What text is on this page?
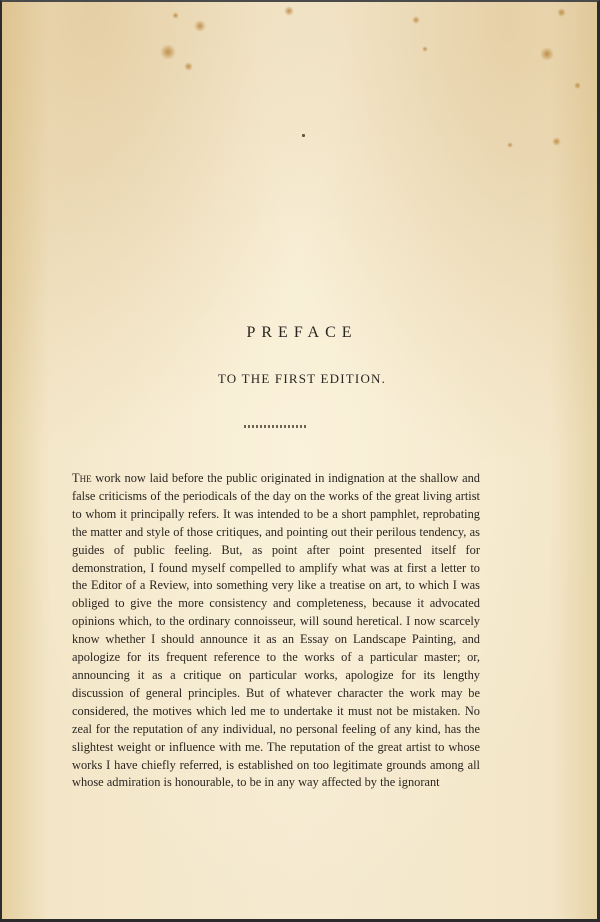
PREFACE
TO THE FIRST EDITION.

The work now laid before the public originated in indignation at the shallow and false criticisms of the periodicals of the day on the works of the great living artist to whom it principally refers. It was intended to be a short pamphlet, reprobating the matter and style of those critiques, and pointing out their perilous tendency, as guides of public feeling. But, as point after point presented itself for demonstration, I found myself compelled to amplify what was at first a letter to the Editor of a Review, into something very like a treatise on art, to which I was obliged to give the more consistency and completeness, because it advocated opinions which, to the ordinary connoisseur, will sound heretical. I now scarcely know whether I should announce it as an Essay on Landscape Painting, and apologize for its frequent reference to the works of a particular master; or, announcing it as a critique on particular works, apologize for its lengthy discussion of general principles. But of whatever character the work may be considered, the motives which led me to undertake it must not be mistaken. No zeal for the reputation of any individual, no personal feeling of any kind, has the slightest weight or influence with me. The reputation of the great artist to whose works I have chiefly referred, is established on too legitimate grounds among all whose admiration is honourable, to be in any way affected by the ignorant
